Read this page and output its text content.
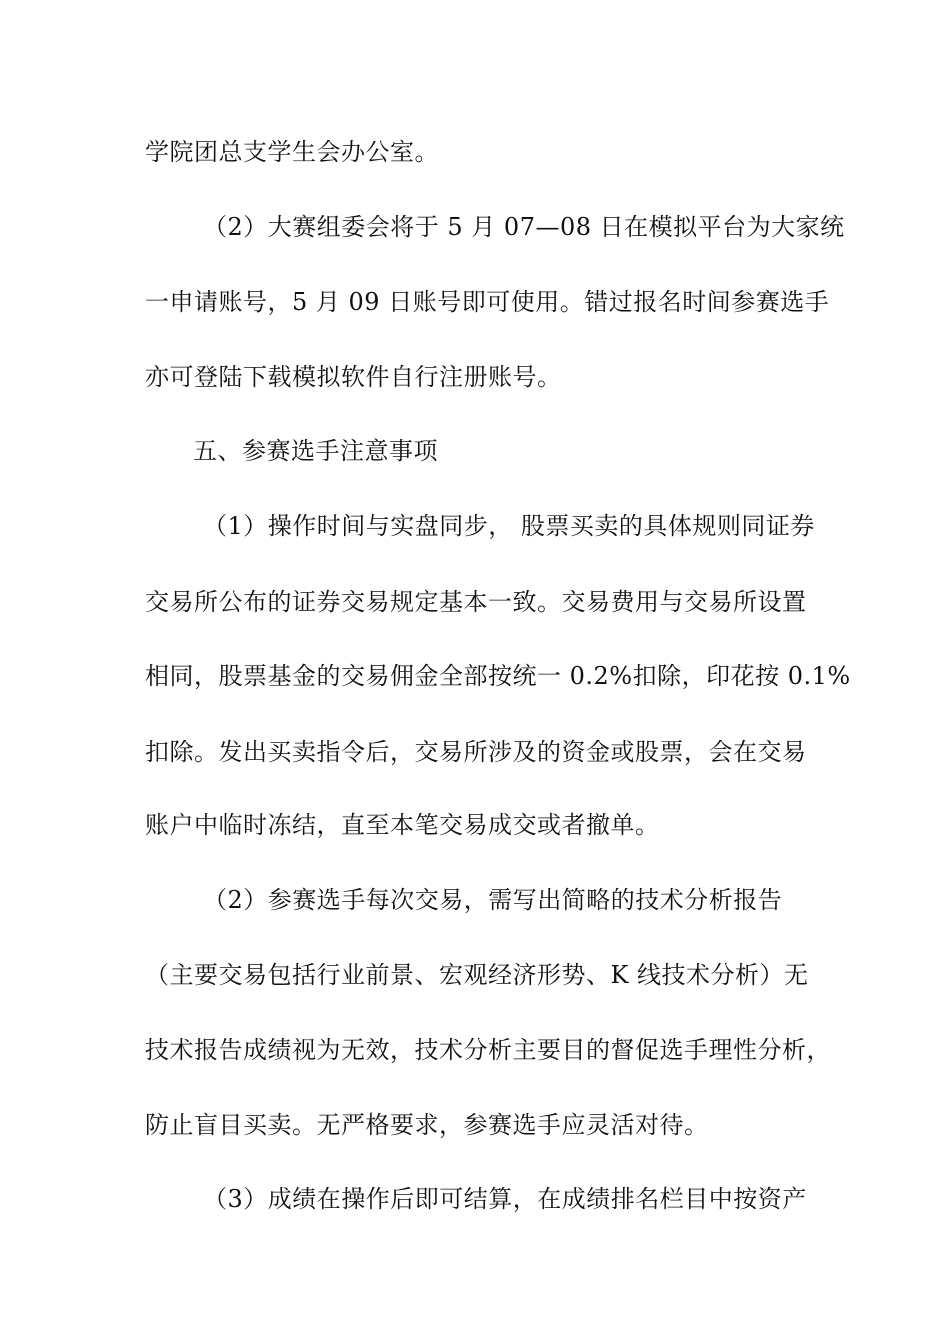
学院团总支学生会办公室。
（2）大赛组委会将于 5 月 07—08 日在模拟平台为大家统
一申请账号，5 月 09 日账号即可使用。错过报名时间参赛选手
亦可登陆下载模拟软件自行注册账号。
五、参赛选手注意事项
（1）操作时间与实盘同步， 股票买卖的具体规则同证券
交易所公布的证券交易规定基本一致。交易费用与交易所设置
相同，股票基金的交易佣金全部按统一 0.2%扣除，印花按 0.1%
扣除。发出买卖指令后，交易所涉及的资金或股票，会在交易
账户中临时冻结，直至本笔交易成交或者撤单。
（2）参赛选手每次交易，需写出简略的技术分析报告
（主要交易包括行业前景、宏观经济形势、K 线技术分析）无
技术报告成绩视为无效，技术分析主要目的督促选手理性分析，
防止盲目买卖。无严格要求，参赛选手应灵活对待。
（3）成绩在操作后即可结算，在成绩排名栏目中按资产
